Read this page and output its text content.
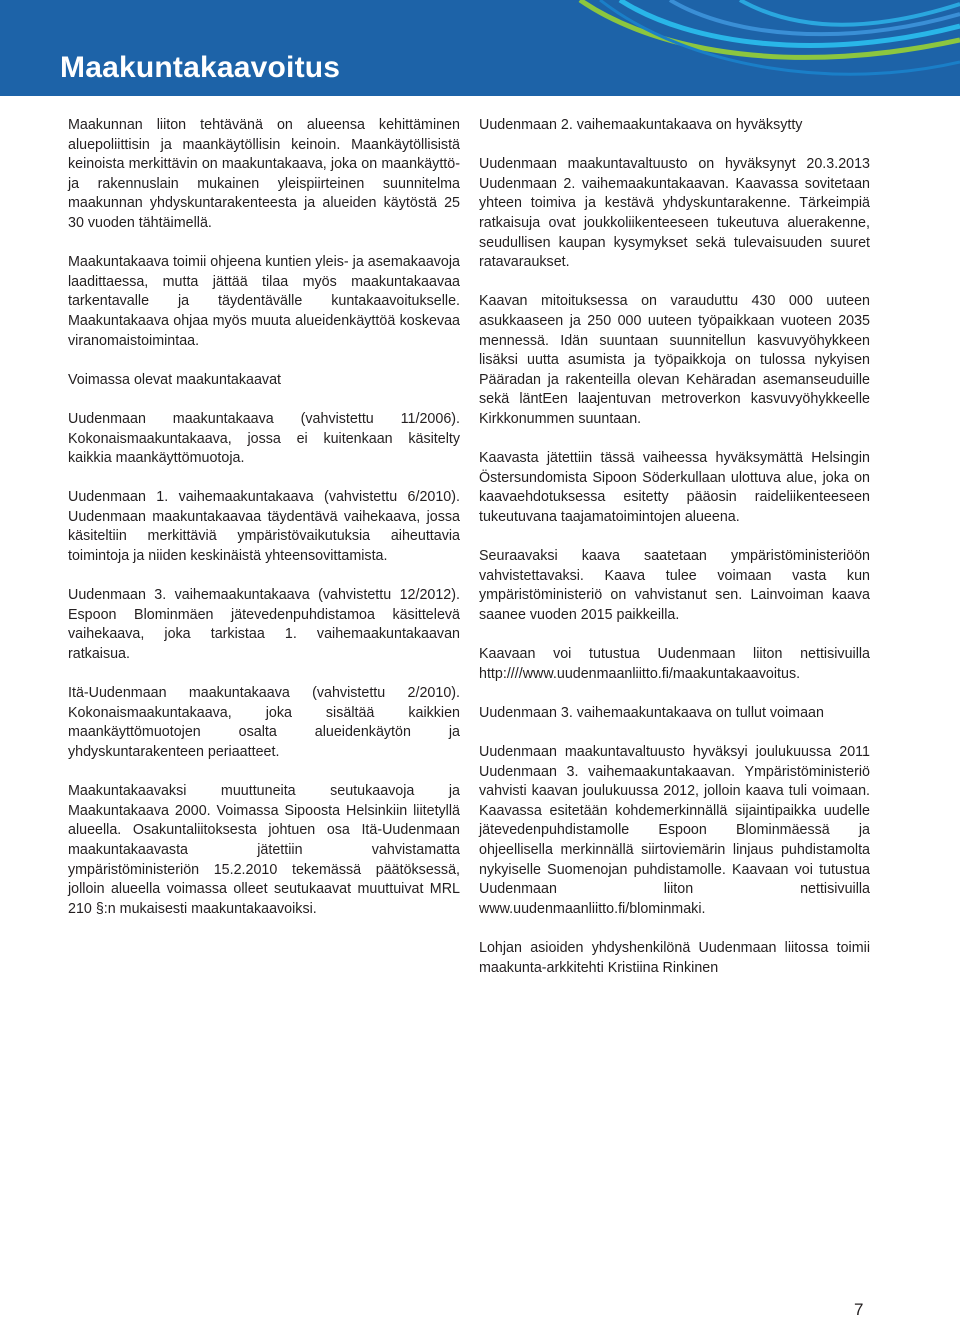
Maakuntakaavoitus

Maakunnan liiton tehtävänä on alueensa kehittäminen aluepoliittisin ja maankäytöllisin keinoin. Maankäytöllisistä keinoista merkittävin on maakuntakaava, joka on maankäyttö- ja rakennuslain mukainen yleispiirteinen suunnitelma maakunnan yhdyskuntarakenteesta ja alueiden käytöstä 25 30 vuoden tähtäimellä.

Maakuntakaava toimii ohjeena kuntien yleis- ja asemakaavoja laadittaessa, mutta jättää tilaa myös maakuntakaavaa tarkentavalle ja täydentävälle kuntakaavoitukselle. Maakuntakaava ohjaa myös muuta alueidenkäyttöä koskevaa viranomaistoimintaa.

Voimassa olevat maakuntakaavat

Uudenmaan maakuntakaava (vahvistettu 11/2006). Kokonaismaakuntakaava, jossa ei kuitenkaan käsitelty kaikkia maankäyttömuotoja.

Uudenmaan 1. vaihemaakuntakaava (vahvistettu 6/2010). Uudenmaan maakuntakaavaa täydentävä vaihekaava, jossa käsiteltiin merkittäviä ympäristövaikutuksia aiheuttavia toimintoja ja niiden keskinäistä yhteensovittamista.

Uudenmaan 3. vaihemaakuntakaava (vahvistettu 12/2012). Espoon Blominmäen jätevedenpuhdistamoa käsittelevä vaihekaava, joka tarkistaa 1. vaihemaakuntakaavan ratkaisua.

Itä-Uudenmaan maakuntakaava (vahvistettu 2/2010). Kokonaismaakuntakaava, joka sisältää kaikkien maankäyttömuotojen osalta alueidenkäytön ja yhdyskuntarakenteen periaatteet.

Maakuntakaavaksi muuttuneita seutukaavoja ja Maakuntakaava 2000. Voimassa Sipoosta Helsinkiin liitetyllä alueella. Osakuntaliitoksesta johtuen osa Itä-Uudenmaan maakuntakaavasta jätettiin vahvistamatta ympäristöministeriön 15.2.2010 tekemässä päätöksessä, jolloin alueella voimassa olleet seutukaavat muuttuivat MRL 210 §:n mukaisesti maakuntakaavoiksi.

Uudenmaan 2. vaihemaakuntakaava on hyväksytty

Uudenmaan maakuntavaltuusto on hyväksynyt 20.3.2013 Uudenmaan 2. vaihemaakuntakaavan. Kaavassa sovitetaan yhteen toimiva ja kestävä yhdyskuntarakenne. Tärkeimpiä ratkaisuja ovat joukkoliikenteeseen tukeutuva aluerakenne, seudullisen kaupan kysymykset sekä tulevaisuuden suuret ratavaraukset.

Kaavan mitoituksessa on varauduttu 430 000 uuteen asukkaaseen ja 250 000 uuteen työpaikkaan vuoteen 2035 mennessä. Idän suuntaan suunnitellun kasvuvyöhykkeen lisäksi uutta asumista ja työpaikkoja on tulossa nykyisen Pääradan ja rakenteilla olevan Kehäradan asemanseuduille sekä läntEen laajentuvan metroverkon kasvuvyöhykkeelle Kirkkonummen suuntaan.

Kaavasta jätettiin tässä vaiheessa hyväksymättä Helsingin Östersundomista Sipoon Söderkullaan ulottuva alue, joka on kaavaehdotuksessa esitetty pääosin raideliikenteeseen tukeutuvana taajamatoimintojen alueena.

Seuraavaksi kaava saatetaan ympäristöministeriöön vahvistettavaksi. Kaava tulee voimaan vasta kun ympäristöministeriö on vahvistanut sen. Lainvoiman kaava saanee vuoden 2015 paikkeilla.

Kaavaan voi tutustua Uudenmaan liiton nettisivuilla http:////www.uudenmaanliitto.fi/maakuntakaavoitus.

Uudenmaan 3. vaihemaakuntakaava on tullut voimaan

Uudenmaan maakuntavaltuusto hyväksyi joulukuussa 2011 Uudenmaan 3. vaihemaakuntakaavan. Ympäristöministeriö vahvisti kaavan joulukuussa 2012, jolloin kaava tuli voimaan. Kaavassa esitetään kohdemerkinnällä sijaintipaikka uudelle jätevedenpuhdistamolle Espoon Blominmäessä ja ohjeellisella merkinnällä siirtoviemärin linjaus puhdistamolta nykyiselle Suomenojan puhdistamolle. Kaavaan voi tutustua Uudenmaan liiton nettisivuilla www.uudenmaanliitto.fi/blominmaki.

Lohjan asioiden yhdyshenkilönä Uudenmaan liitossa toimii maakunta-arkkitehti Kristiina Rinkinen

7
